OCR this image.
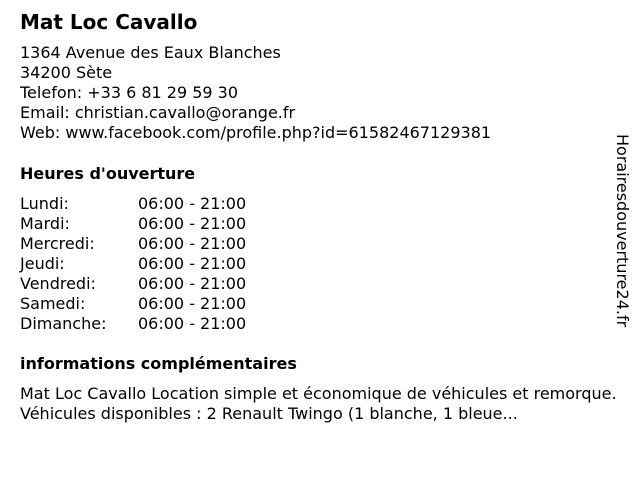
Mat Loc Cavallo
1364 Avenue des Eaux Blanches
34200 Sète
Telefon: +33 6 81 29 59 30
Email: christian.cavallo@orange.fr
Web: www.facebook.com/profile.php?id=61582467129381
Heures d'ouverture
Lundi:	06:00 - 21:00
Mardi:	06:00 - 21:00
Mercredi:	06:00 - 21:00
Jeudi:	06:00 - 21:00
Vendredi:	06:00 - 21:00
Samedi:	06:00 - 21:00
Dimanche: 06:00 - 21:00
informations complémentaires
Mat Loc Cavallo Location simple et économique de véhicules et remorque. Véhicules disponibles : 2 Renault Twingo (1 blanche, 1 bleue...
Horairesdouverture24.fr
